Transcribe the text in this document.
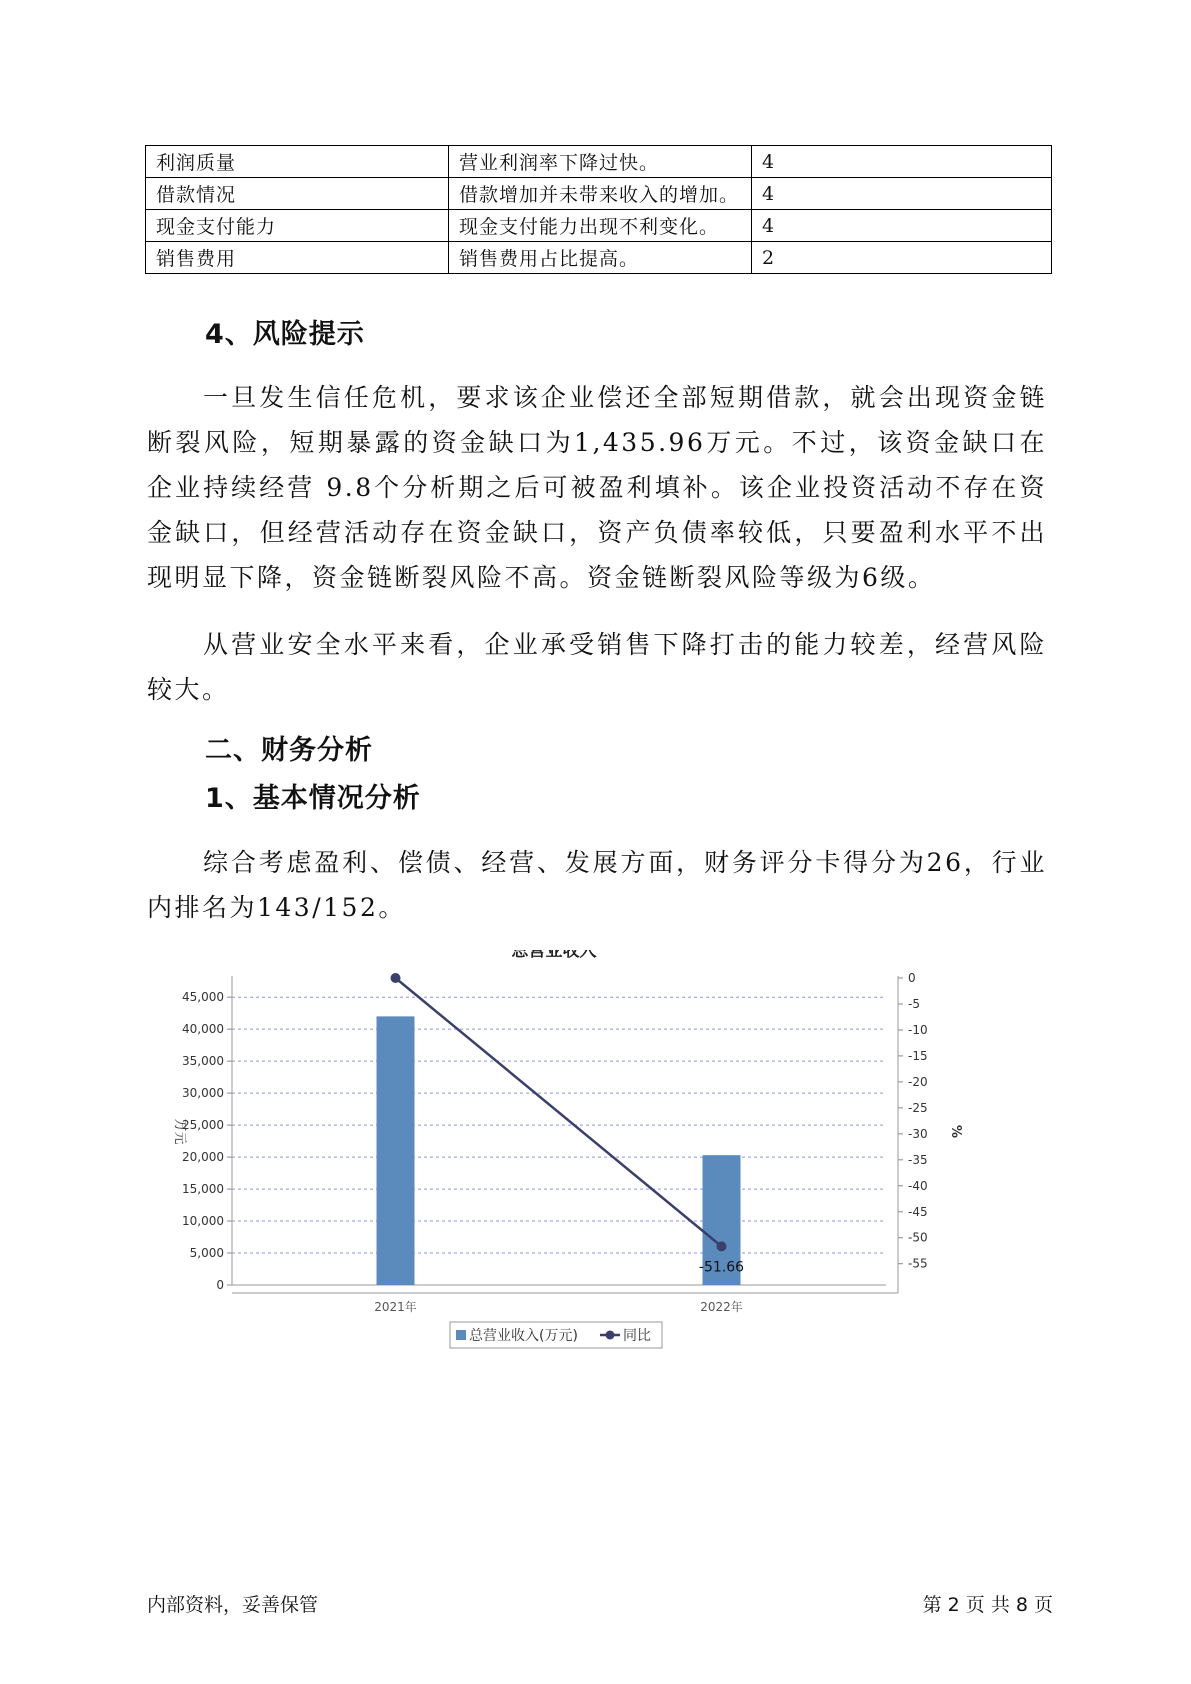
利润质量	营业利润率下降过快。	4
借款情况	借款增加并未带来收入的增加。	4
现金支付能力	现金支付能力出现不利变化。	4
销售费用	销售费用占比提高。	2
4、风险提示

一旦发生信任危机，要求该企业偿还全部短期借款，就会出现资金链断裂风险，短期暴露的资金缺口为1,435.96万元。不过，该资金缺口在企业持续经营 9.8个分析期之后可被盈利填补。该企业投资活动不存在资金缺口，但经营活动存在资金缺口，资产负债率较低，只要盈利水平不出现明显下降，资金链断裂风险不高。资金链断裂风险等级为6级。

从营业安全水平来看，企业承受销售下降打击的能力较差，经营风险较大。

二、财务分析
1、基本情况分析

综合考虑盈利、偿债、经营、发展方面，财务评分卡得分为26，行业内排名为143/152。

总营业收入
0
5,000
10,000
15,000
20,000
25,000
30,000
35,000
40,000
45,000
0
-5
-10
-15
-20
-25
-30
-35
-40
-45
-50
-55
万元	%
2021年	2022年
-51.66
总营业收入(万元)	同比
内部资料，妥善保管	第 2 页 共 8 页
